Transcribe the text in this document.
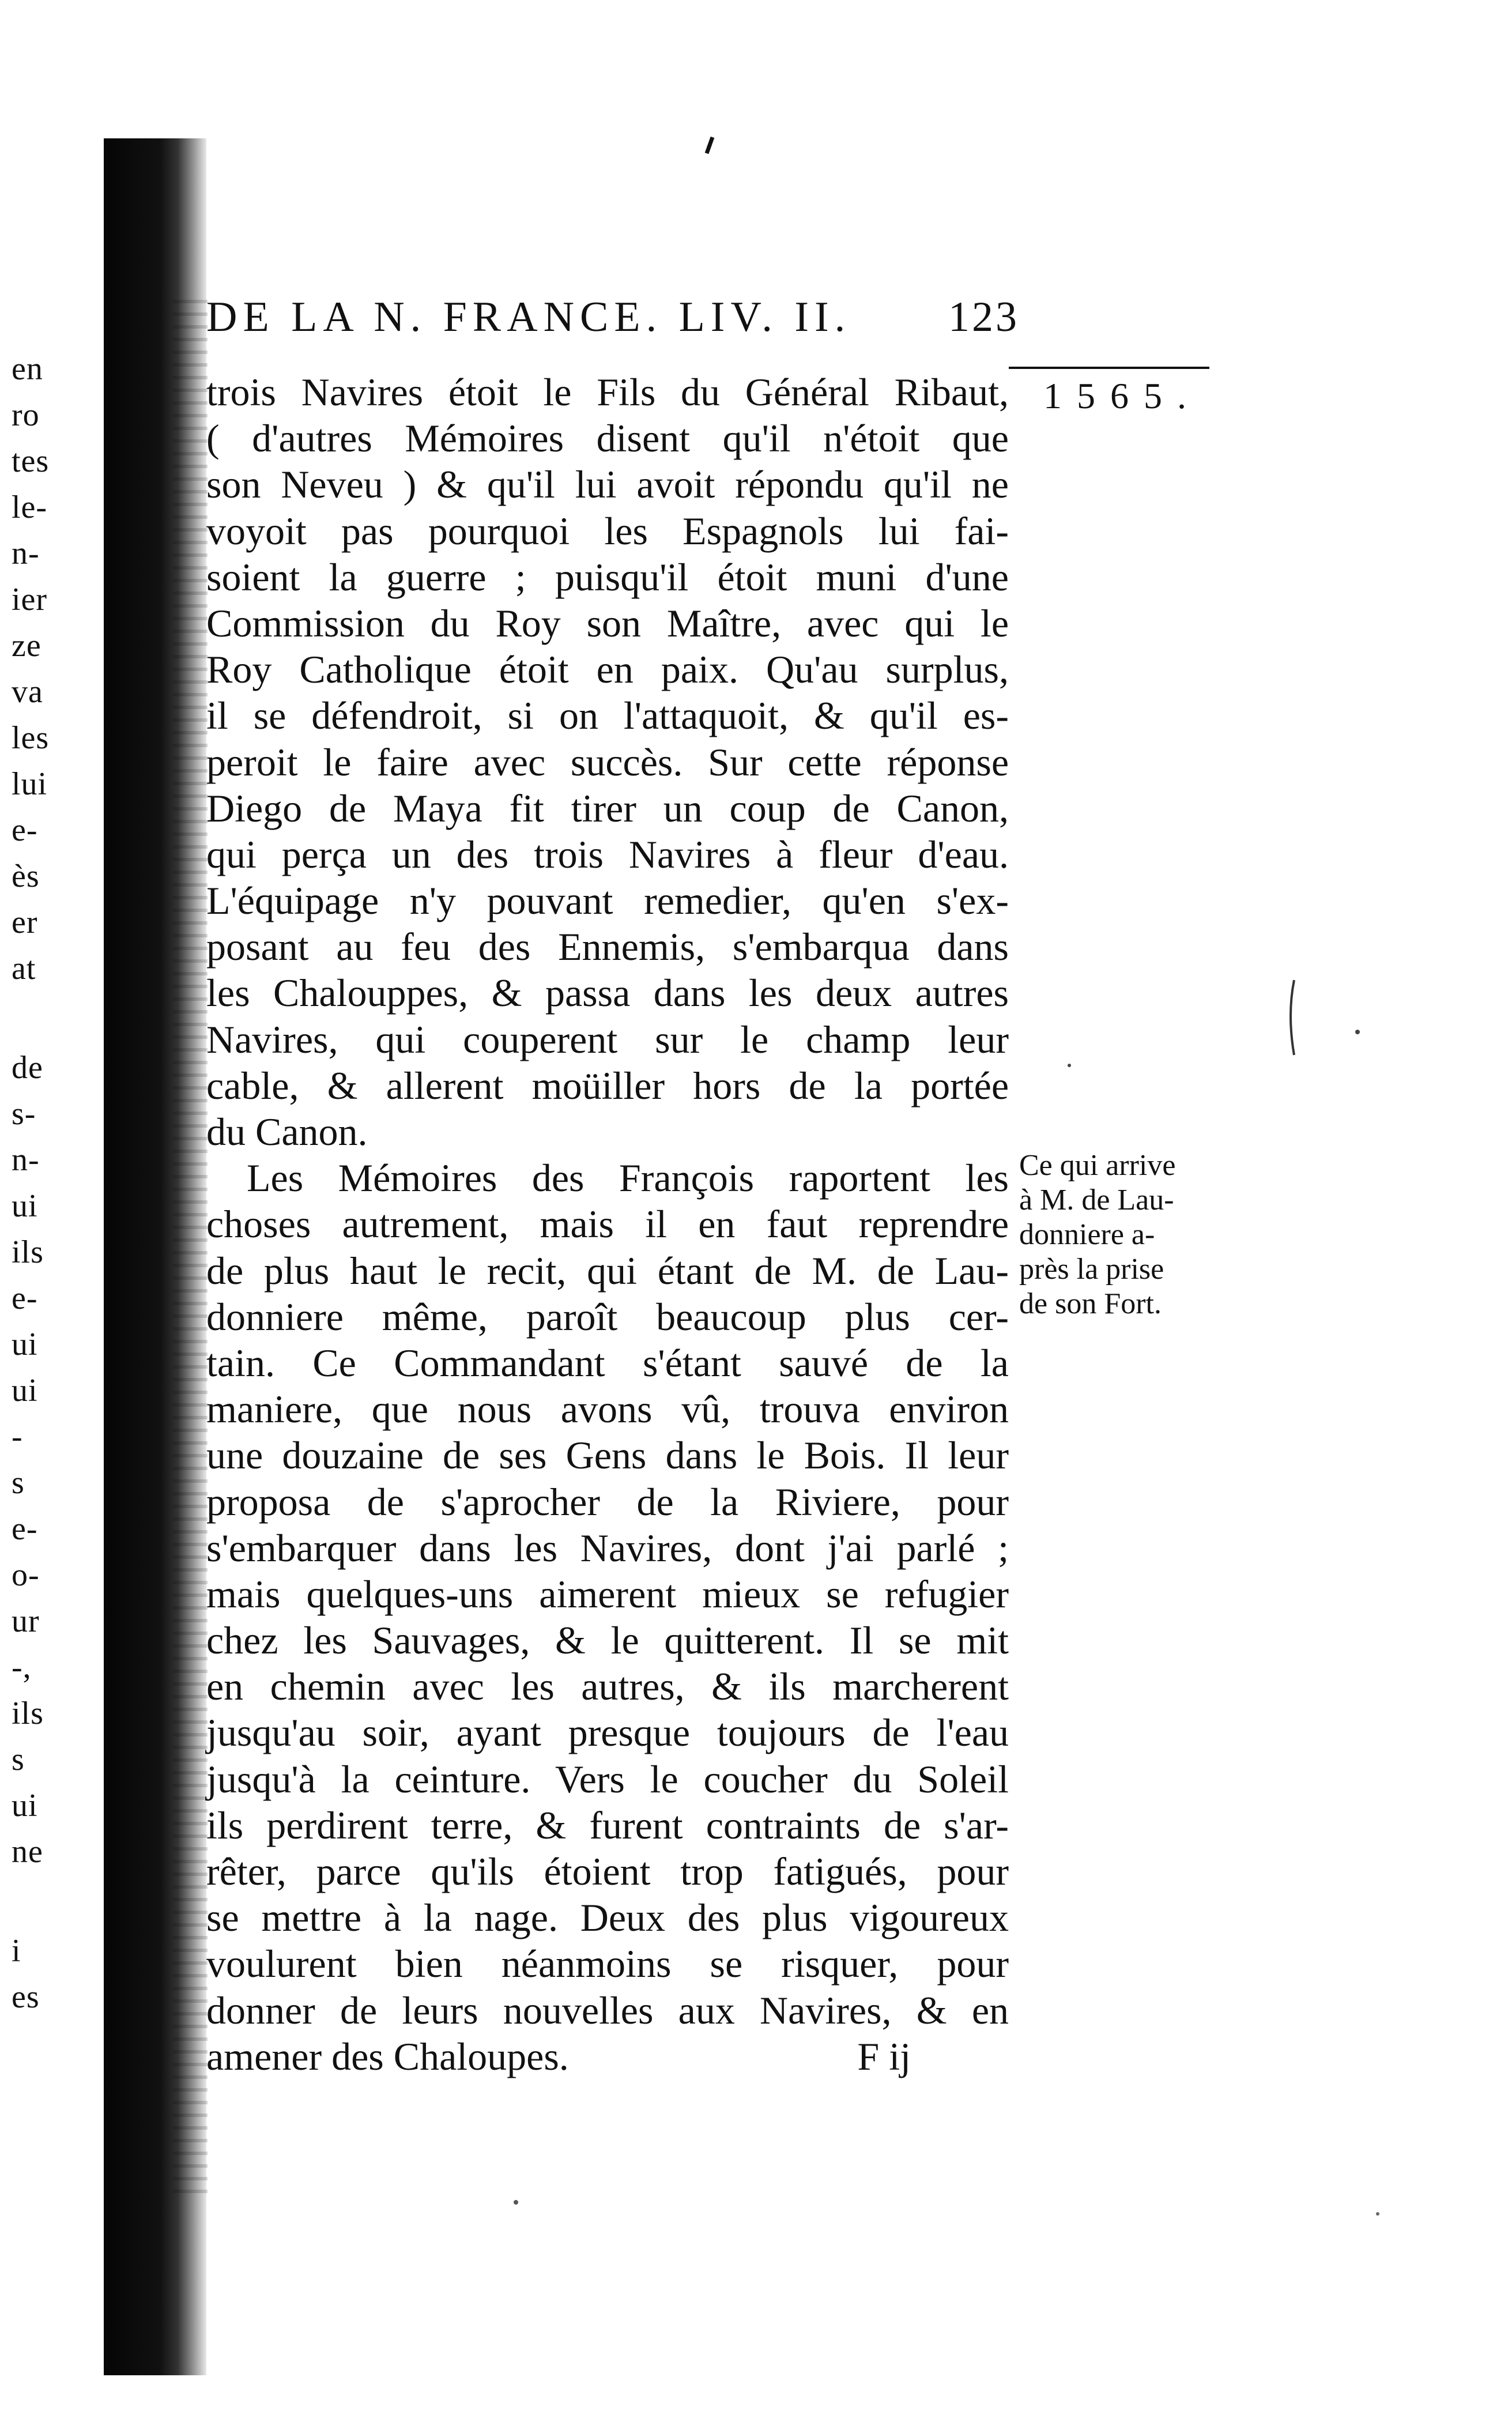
en
ro
tes
le-
n-
ier
ze
va
les
lui
e-
ès
er
at
de
s-
n-
ui
ils
e-
ui
ui
-
s
e-
o-
ur
-,
ils
s
ui
ne
i
es
DE LA N. FRANCE. LIV. II. 123
1565.
trois Navires étoit le Fils du Général Ribaut,
( d'autres Mémoires disent qu'il n'étoit que
son Neveu ) & qu'il lui avoit répondu qu'il ne
voyoit pas pourquoi les Espagnols lui fai-
soient la guerre ; puisqu'il étoit muni d'une
Commission du Roy son Maître, avec qui le
Roy Catholique étoit en paix. Qu'au surplus,
il se défendroit, si on l'attaquoit, & qu'il es-
peroit le faire avec succès. Sur cette réponse
Diego de Maya fit tirer un coup de Canon,
qui perça un des trois Navires à fleur d'eau.
L'équipage n'y pouvant remedier, qu'en s'ex-
posant au feu des Ennemis, s'embarqua dans
les Chalouppes, & passa dans les deux autres
Navires, qui couperent sur le champ leur
cable, & allerent moüiller hors de la portée
du Canon.
Les Mémoires des François raportent les
choses autrement, mais il en faut reprendre
de plus haut le recit, qui étant de M. de Lau-
donniere même, paroît beaucoup plus cer-
tain. Ce Commandant s'étant sauvé de la
maniere, que nous avons vû, trouva environ
une douzaine de ses Gens dans le Bois. Il leur
proposa de s'aprocher de la Riviere, pour
s'embarquer dans les Navires, dont j'ai parlé ;
mais quelques-uns aimerent mieux se refugier
chez les Sauvages, & le quitterent. Il se mit
en chemin avec les autres, & ils marcherent
jusqu'au soir, ayant presque toujours de l'eau
jusqu'à la ceinture. Vers le coucher du Soleil
ils perdirent terre, & furent contraints de s'ar-
rêter, parce qu'ils étoient trop fatigués, pour
se mettre à la nage. Deux des plus vigoureux
voulurent bien néanmoins se risquer, pour
donner de leurs nouvelles aux Navires, & en
amener des Chaloupes.	F ij
Ce qui arrive
à M. de Lau-
donniere a-
près la prise
de son Fort.
